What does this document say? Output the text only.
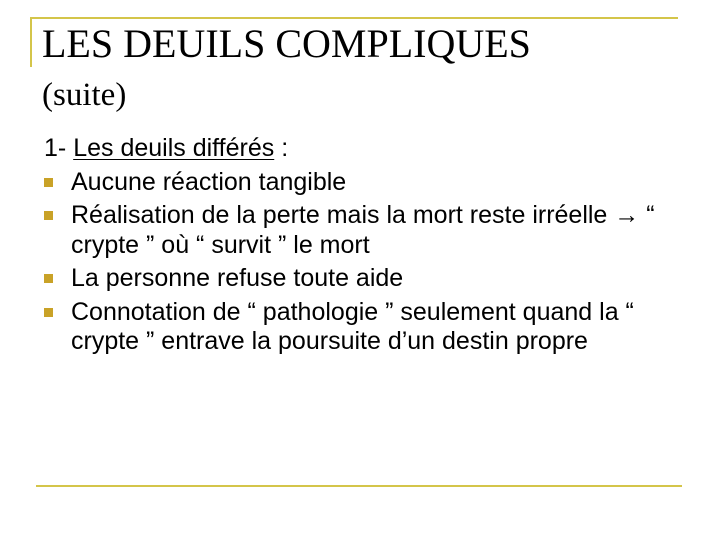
LES DEUILS COMPLIQUES
(suite)

1- Les deuils différés :

Aucune réaction tangible
Réalisation de la perte mais la mort reste irréelle → “ crypte ” où “ survit ” le mort
La personne refuse toute aide
Connotation de “ pathologie ” seulement quand la “ crypte ” entrave la poursuite d’un destin propre
